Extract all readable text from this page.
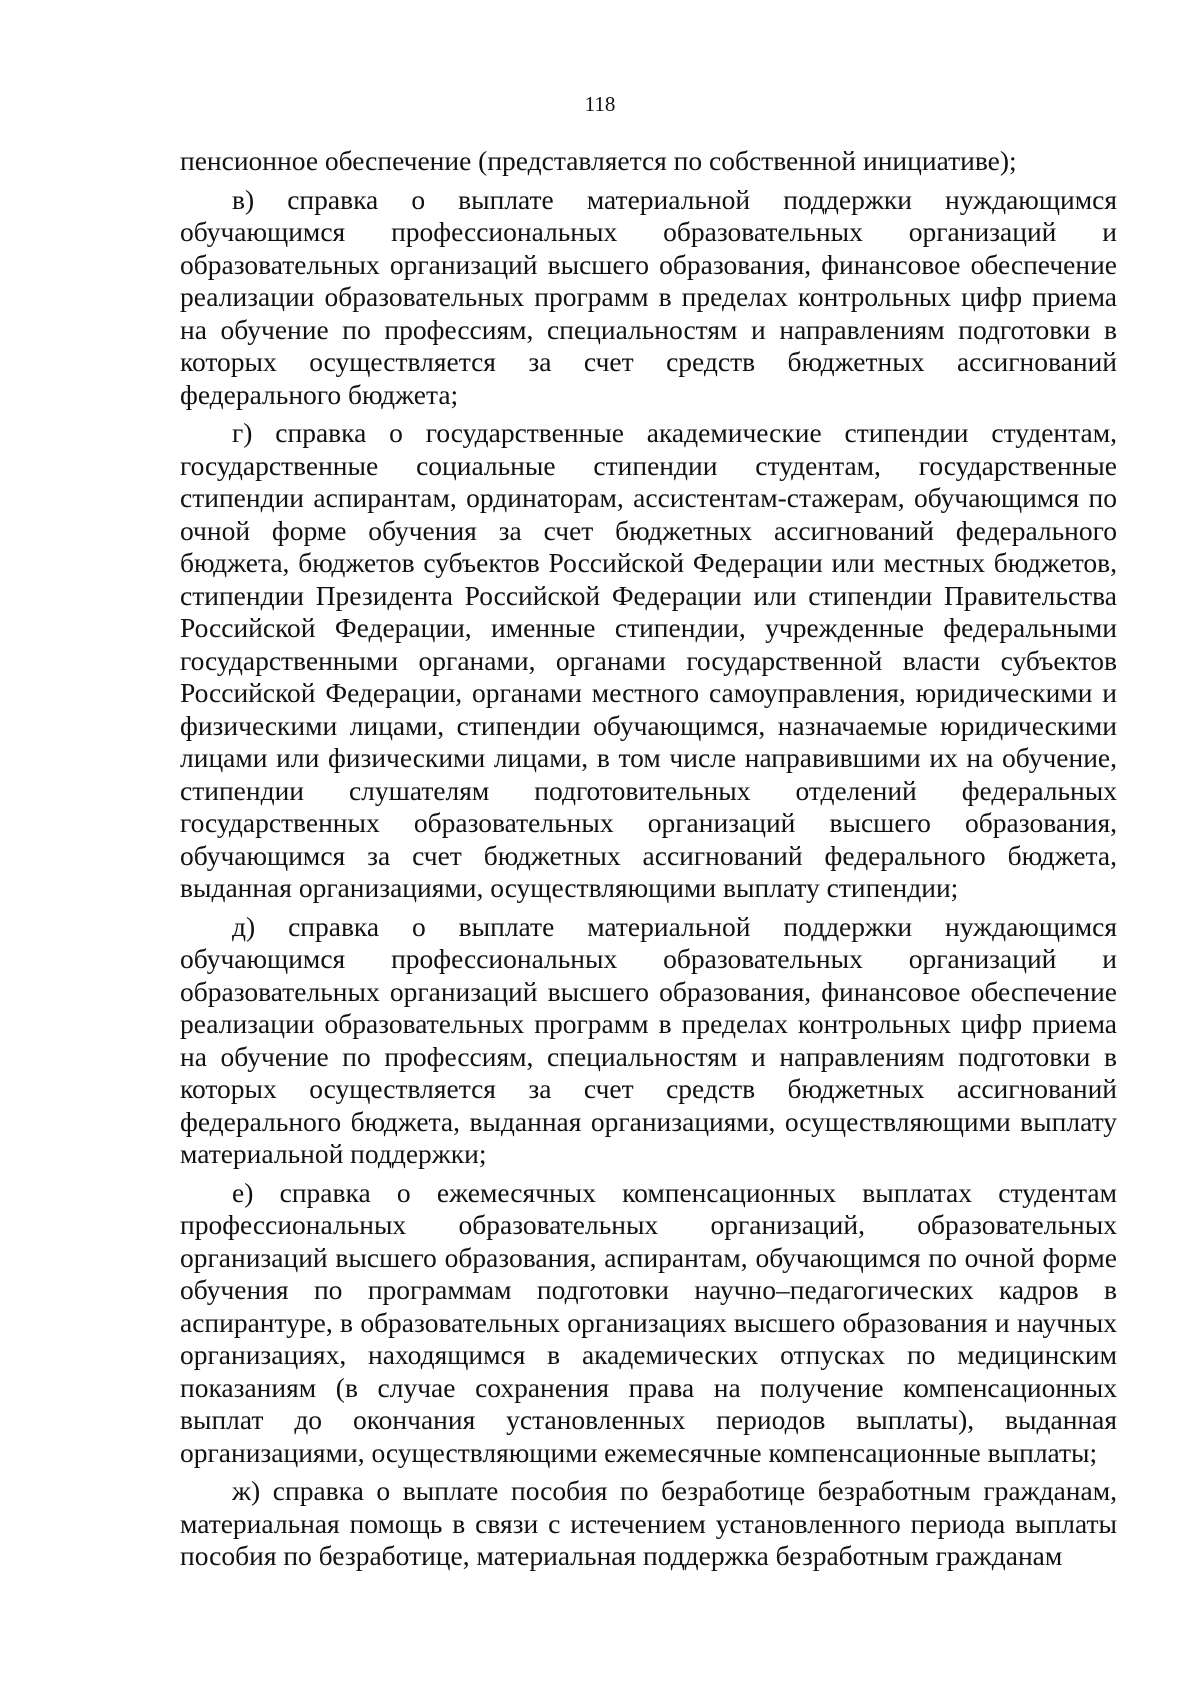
118

пенсионное обеспечение (представляется по собственной инициативе);

в) справка о выплате материальной поддержки нуждающимся обучающимся профессиональных образовательных организаций и образовательных организаций высшего образования, финансовое обеспечение реализации образовательных программ в пределах контрольных цифр приема на обучение по профессиям, специальностям и направлениям подготовки в которых осуществляется за счет средств бюджетных ассигнований федерального бюджета;

г) справка о государственные академические стипендии студентам, государственные социальные стипендии студентам, государственные стипендии аспирантам, ординаторам, ассистентам-стажерам, обучающимся по очной форме обучения за счет бюджетных ассигнований федерального бюджета, бюджетов субъектов Российской Федерации или местных бюджетов, стипендии Президента Российской Федерации или стипендии Правительства Российской Федерации, именные стипендии, учрежденные федеральными государственными органами, органами государственной власти субъектов Российской Федерации, органами местного самоуправления, юридическими и физическими лицами, стипендии обучающимся, назначаемые юридическими лицами или физическими лицами, в том числе направившими их на обучение, стипендии слушателям подготовительных отделений федеральных государственных образовательных организаций высшего образования, обучающимся за счет бюджетных ассигнований федерального бюджета, выданная организациями, осуществляющими выплату стипендии;

д) справка о выплате материальной поддержки нуждающимся обучающимся профессиональных образовательных организаций и образовательных организаций высшего образования, финансовое обеспечение реализации образовательных программ в пределах контрольных цифр приема на обучение по профессиям, специальностям и направлениям подготовки в которых осуществляется за счет средств бюджетных ассигнований федерального бюджета, выданная организациями, осуществляющими выплату материальной поддержки;

е) справка о ежемесячных компенсационных выплатах студентам профессиональных образовательных организаций, образовательных организаций высшего образования, аспирантам, обучающимся по очной форме обучения по программам подготовки научно–педагогических кадров в аспирантуре, в образовательных организациях высшего образования и научных организациях, находящимся в академических отпусках по медицинским показаниям (в случае сохранения права на получение компенсационных выплат до окончания установленных периодов выплаты), выданная организациями, осуществляющими ежемесячные компенсационные выплаты;

ж) справка о выплате пособия по безработице безработным гражданам, материальная помощь в связи с истечением установленного периода выплаты пособия по безработице, материальная поддержка безработным гражданам
